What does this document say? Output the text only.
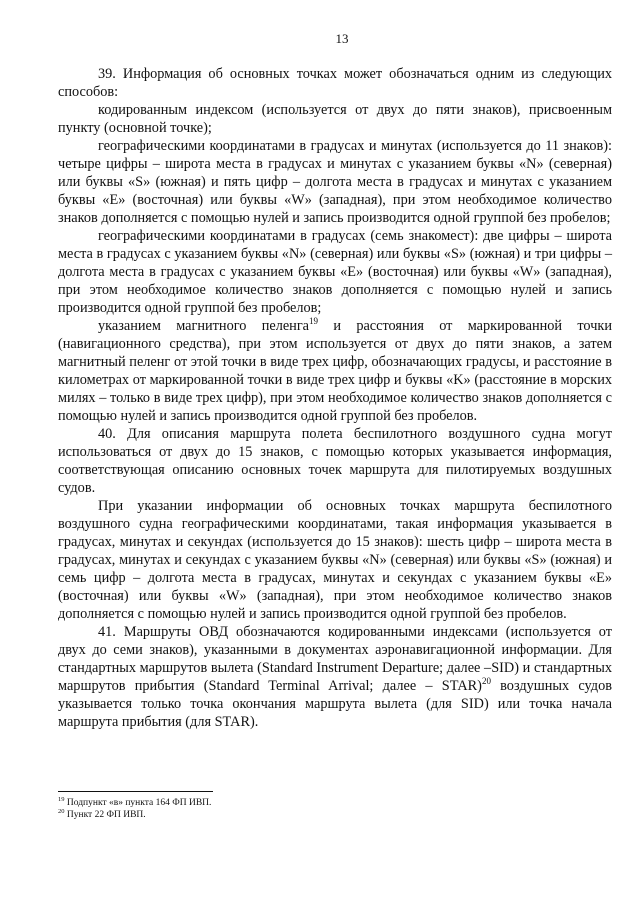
13

39. Информация об основных точках может обозначаться одним из следующих способов:

кодированным индексом (используется от двух до пяти знаков), присвоенным пункту (основной точке);

географическими координатами в градусах и минутах (используется до 11 знаков): четыре цифры – широта места в градусах и минутах с указанием буквы «N» (северная) или буквы «S» (южная) и пять цифр – долгота места в градусах и минутах с указанием буквы «E» (восточная) или буквы «W» (западная), при этом необходимое количество знаков дополняется с помощью нулей и запись производится одной группой без пробелов;

географическими координатами в градусах (семь знакомест): две цифры – широта места в градусах с указанием буквы «N» (северная) или буквы «S» (южная) и три цифры – долгота места в градусах с указанием буквы «E» (восточная) или буквы «W» (западная), при этом необходимое количество знаков дополняется с помощью нулей и запись производится одной группой без пробелов;

указанием магнитного пеленга$^{19}$ и расстояния от маркированной точки (навигационного средства), при этом используется от двух до пяти знаков, а затем магнитный пеленг от этой точки в виде трех цифр, обозначающих градусы, и расстояние в километрах от маркированной точки в виде трех цифр и буквы «K» (расстояние в морских милях – только в виде трех цифр), при этом необходимое количество знаков дополняется с помощью нулей и запись производится одной группой без пробелов.

40. Для описания маршрута полета беспилотного воздушного судна могут использоваться от двух до 15 знаков, с помощью которых указывается информация, соответствующая описанию основных точек маршрута для пилотируемых воздушных судов.

При указании информации об основных точках маршрута беспилотного воздушного судна географическими координатами, такая информация указывается в градусах, минутах и секундах (используется до 15 знаков): шесть цифр – широта места в градусах, минутах и секундах с указанием буквы «N» (северная) или буквы «S» (южная) и семь цифр – долгота места в градусах, минутах и секундах с указанием буквы «E» (восточная) или буквы «W» (западная), при этом необходимое количество знаков дополняется с помощью нулей и запись производится одной группой без пробелов.

41. Маршруты ОВД обозначаются кодированными индексами (используется от двух до семи знаков), указанными в документах аэронавигационной информации. Для стандартных маршрутов вылета (Standard Instrument Departure; далее –SID) и стандартных маршрутов прибытия (Standard Terminal Arrival; далее – STAR)$^{20}$ воздушных судов указывается только точка окончания маршрута вылета (для SID) или точка начала маршрута прибытия (для STAR).

$^{19}$ Подпункт «в» пункта 164 ФП ИВП.
$^{20}$ Пункт 22 ФП ИВП.
